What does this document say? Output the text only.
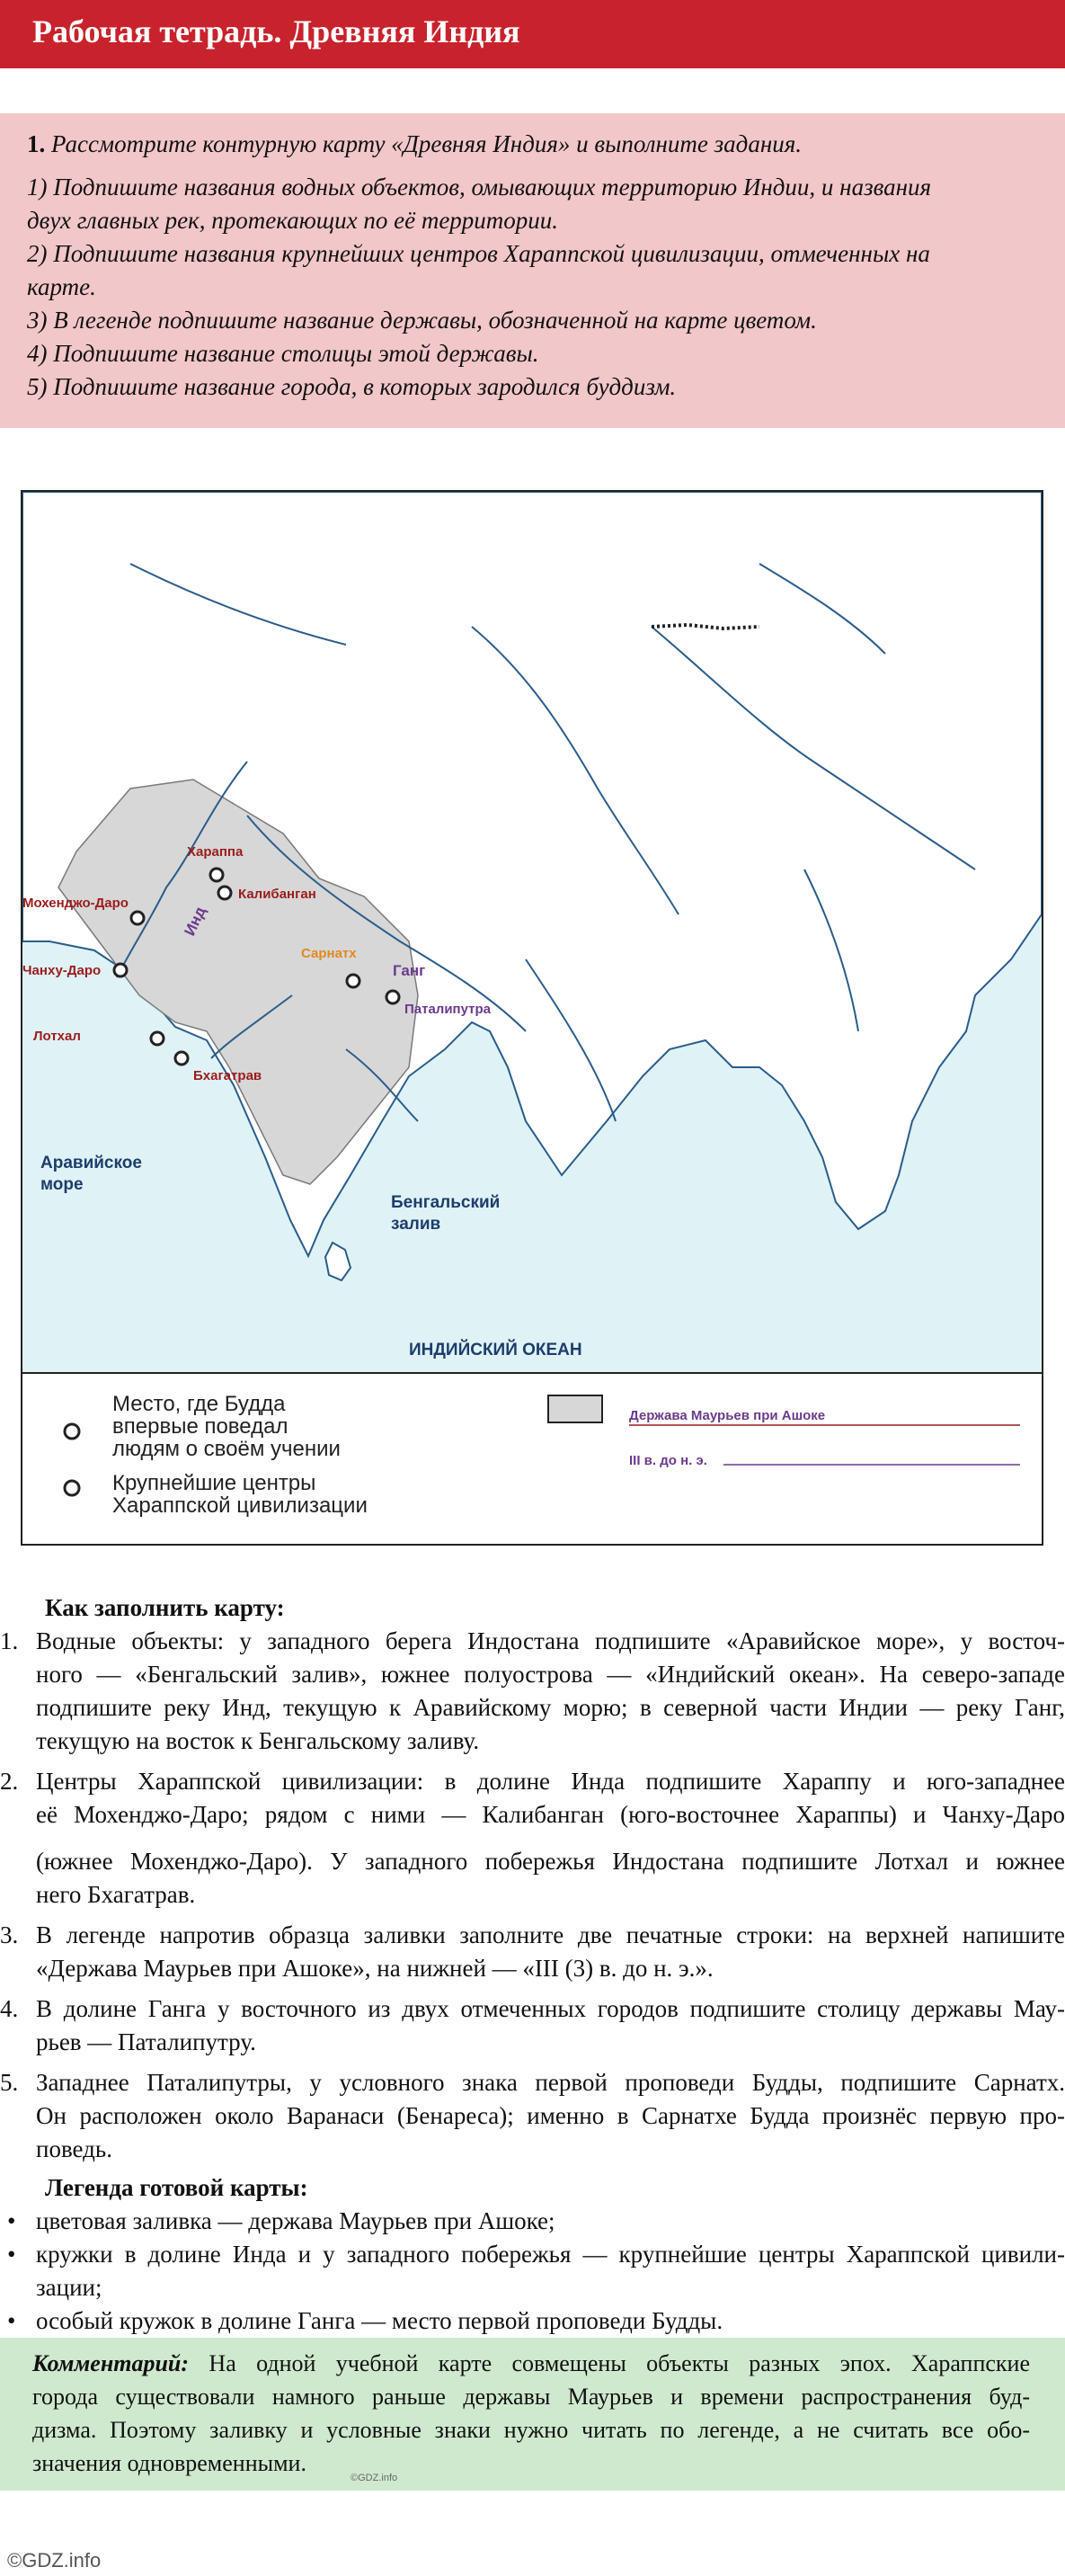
Рабочая тетрадь. Древняя Индия
1. Рассмотрите контурную карту «Древняя Индия» и выполните задания.
1) Подпишите названия водных объектов, омывающих территорию Индии, и названия
двух главных рек, протекающих по её территории.
2) Подпишите названия крупнейших центров Хараппской цивилизации, отмеченных на
карте.
3) В легенде подпишите название державы, обозначенной на карте цветом.
4) Подпишите название столицы этой державы.
5) Подпишите название города, в которых зародился буддизм.
Хараппа
Калибанган
Мохенджо-Даро
Чанху-Даро
Лотхал
Бхагатрав
Сарнатх
Паталипутра
Инд
Ганг
Аравийское
море
Бенгальский
залив
ИНДИЙСКИЙ ОКЕАН
Место, где Будда
впервые поведал
людям о своём учении
Крупнейшие центры
Хараппской цивилизации
Держава Маурьев при Ашоке
III в. до н. э.
Как заполнить карту:
1. Водные объекты: у западного берега Индостана подпишите «Аравийское море», у восточ-
ного — «Бенгальский залив», южнее полуострова — «Индийский океан». На северо-западе
подпишите реку Инд, текущую к Аравийскому морю; в северной части Индии — реку Ганг,
текущую на восток к Бенгальскому заливу.
2. Центры Хараппской цивилизации: в долине Инда подпишите Хараппу и юго-западнее
её Мохенджо-Даро; рядом с ними — Калибанган (юго-восточнее Хараппы) и Чанху-Даро
(южнее Мохенджо-Даро). У западного побережья Индостана подпишите Лотхал и южнее
него Бхагатрав.
3. В легенде напротив образца заливки заполните две печатные строки: на верхней напишите
«Держава Маурьев при Ашоке», на нижней — «III (3) в. до н. э.».
4. В долине Ганга у восточного из двух отмеченных городов подпишите столицу державы Мау-
рьев — Паталипутру.
5. Западнее Паталипутры, у условного знака первой проповеди Будды, подпишите Сарнатх.
Он расположен около Варанаси (Бенареса); именно в Сарнатхе Будда произнёс первую про-
поведь.
Легенда готовой карты:
• цветовая заливка — держава Маурьев при Ашоке;
• кружки в долине Инда и у западного побережья — крупнейшие центры Хараппской цивили-
зации;
• особый кружок в долине Ганга — место первой проповеди Будды.
Комментарий: На одной учебной карте совмещены объекты разных эпох. Хараппские
города существовали намного раньше державы Маурьев и времени распространения буд-
дизма. Поэтому заливку и условные знаки нужно читать по легенде, а не считать все обо-
значения одновременными.
©GDZ.info
©GDZ.info
